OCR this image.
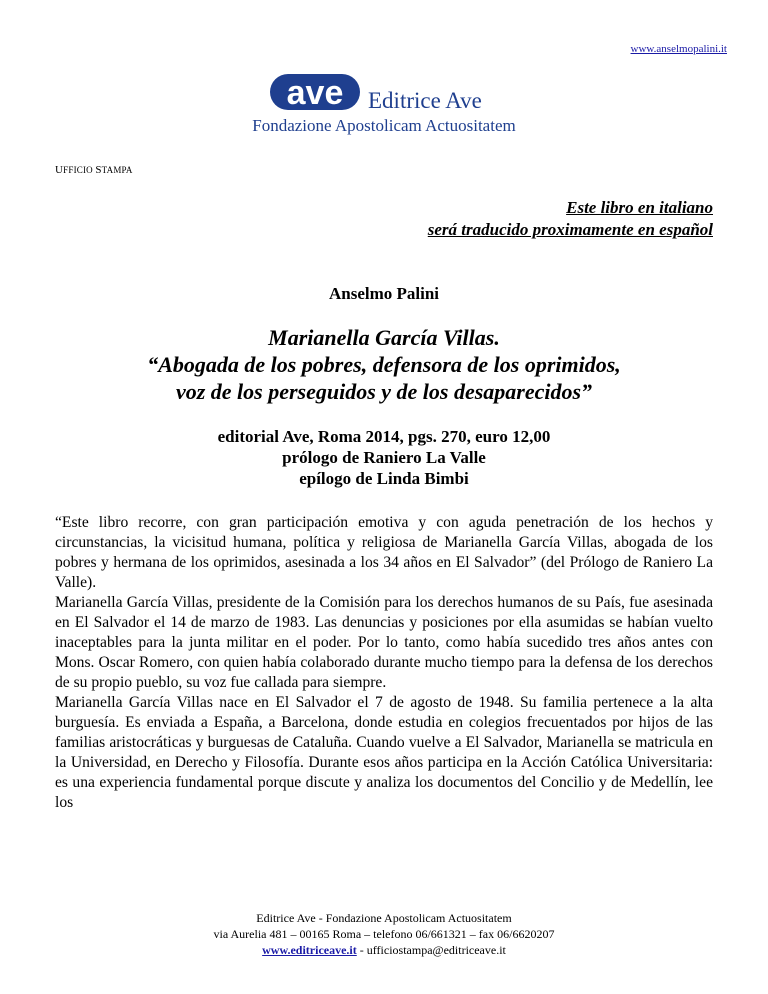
www.anselmopalini.it
ave Editrice Ave
Fondazione Apostolicam Actuositatem
UFFICIO STAMPA
Este libro en italiano
será traducido proximamente en español
Anselmo Palini
Marianella García Villas.
“Abogada de los pobres, defensora de los oprimidos,
voz de los perseguidos y de los desaparecidos”
editorial Ave, Roma 2014, pgs. 270, euro 12,00
prólogo de Raniero La Valle
epílogo de Linda Bimbi

“Este libro recorre, con gran participación emotiva y con aguda penetración de los hechos y circunstancias, la vicisitud humana, política y religiosa de Marianella García Villas, abogada de los pobres y hermana de los oprimidos, asesinada a los 34 años en El Salvador” (del Prólogo de Raniero La Valle).

Marianella García Villas, presidente de la Comisión para los derechos humanos de su País, fue asesinada en El Salvador el 14 de marzo de 1983. Las denuncias y posiciones por ella asumidas se habían vuelto inaceptables para la junta militar en el poder. Por lo tanto, como había sucedido tres años antes con Mons. Oscar Romero, con quien había colaborado durante mucho tiempo para la defensa de los derechos de su propio pueblo, su voz fue callada para siempre.

Marianella García Villas nace en El Salvador el 7 de agosto de 1948. Su familia pertenece a la alta burguesía. Es enviada a España, a Barcelona, donde estudia en colegios frecuentados por hijos de las familias aristocráticas y burguesas de Cataluña. Cuando vuelve a El Salvador, Marianella se matricula en la Universidad, en Derecho y Filosofía. Durante esos años participa en la Acción Católica Universitaria: es una experiencia fundamental porque discute y analiza los documentos del Concilio y de Medellín, lee los

Editrice Ave - Fondazione Apostolicam Actuositatem
via Aurelia 481 – 00165 Roma – telefono 06/661321 – fax 06/6620207
www.editriceave.it - ufficiostampa@editriceave.it
